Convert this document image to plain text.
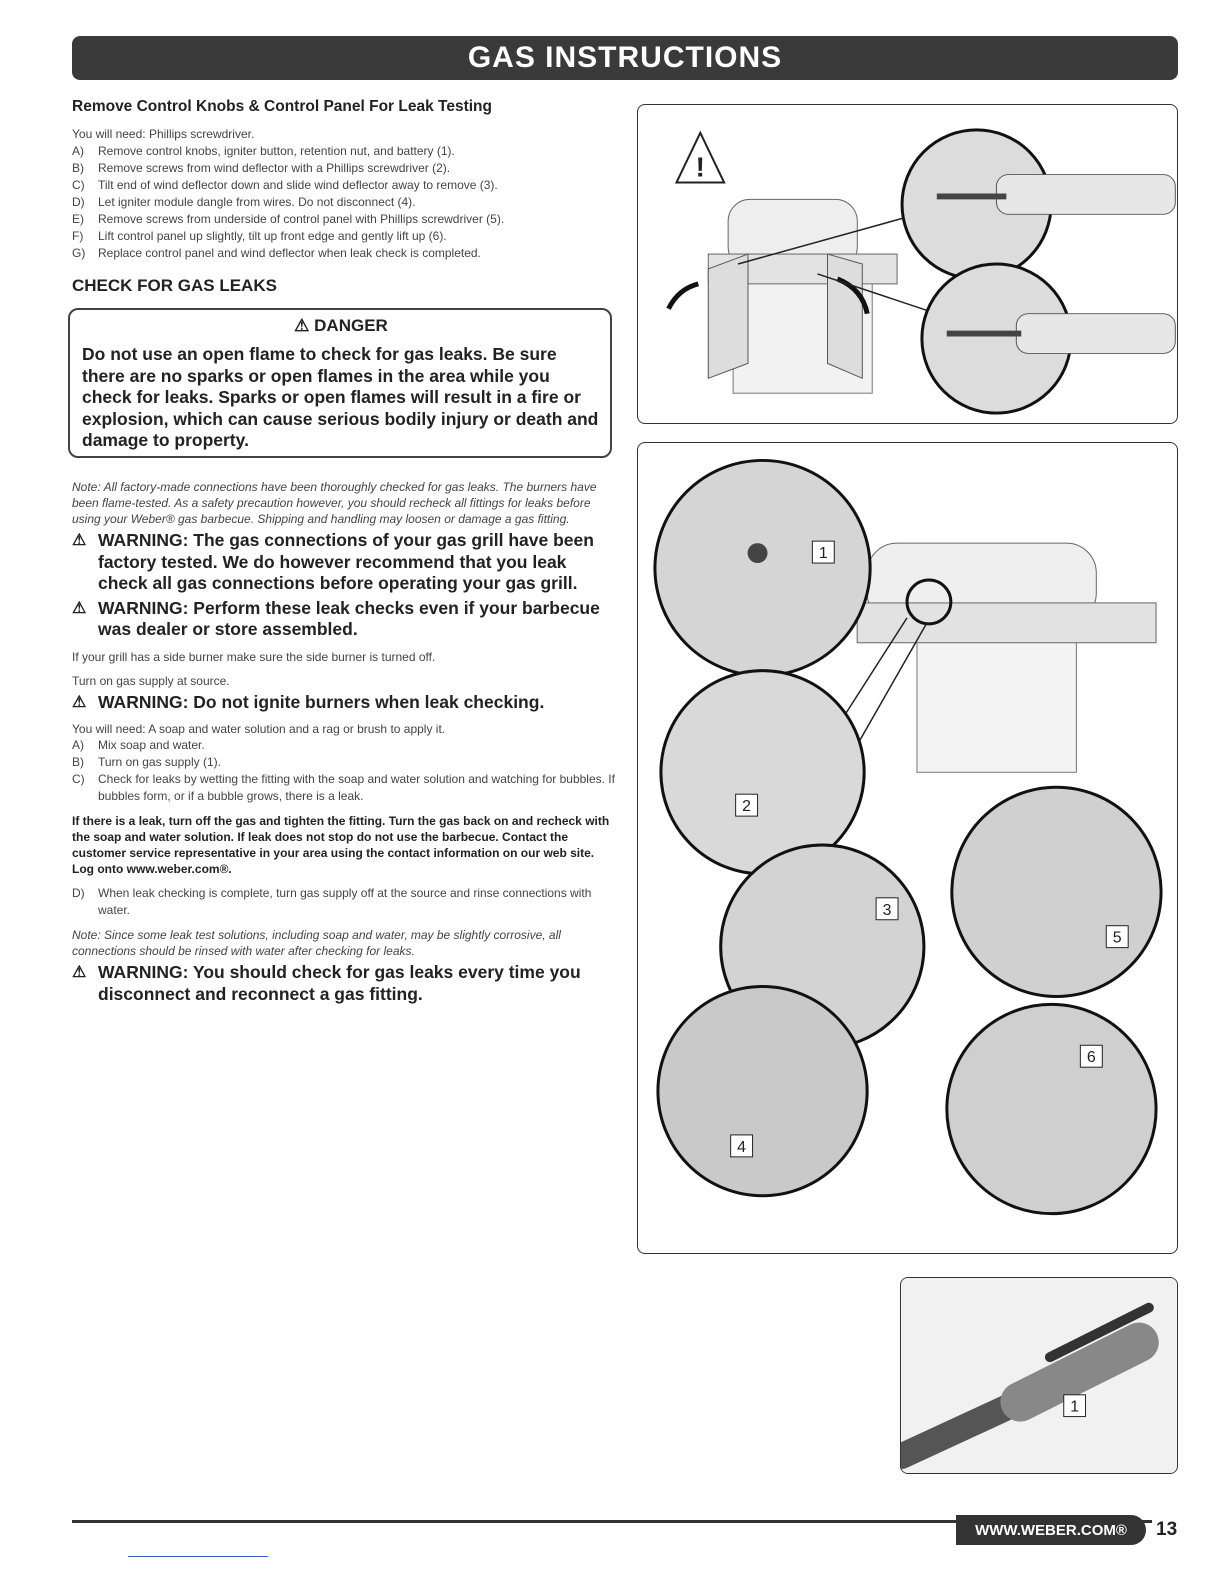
GAS INSTRUCTIONS
Remove Control Knobs & Control Panel For Leak Testing
You will need: Phillips screwdriver.
A)	Remove control knobs, igniter button, retention nut, and battery (1).
B)	Remove screws from wind deflector with a Phillips screwdriver (2).
C)	Tilt end of wind deflector down and slide wind deflector away to remove (3).
D)	Let igniter module dangle from wires. Do not disconnect (4).
E)	Remove screws from underside of control panel with Phillips screwdriver (5).
F)	Lift control panel up slightly, tilt up front edge and gently lift up (6).
G)	Replace control panel and wind deflector when leak check is completed.
CHECK FOR GAS LEAKS
⚠ DANGER
Do not use an open flame to check for gas leaks. Be sure there are no sparks or open flames in the area while you check for leaks. Sparks or open flames will result in a fire or explosion, which can cause serious bodily injury or death and damage to property.
Note: All factory-made connections have been thoroughly checked for gas leaks. The burners have been flame-tested. As a safety precaution however, you should recheck all fittings for leaks before using your Weber® gas barbecue. Shipping and handling may loosen or damage a gas fitting.
⚠ WARNING: The gas connections of your gas grill have been factory tested. We do however recommend that you leak check all gas connections before operating your gas grill.
⚠ WARNING: Perform these leak checks even if your barbecue was dealer or store assembled.
If your grill has a side burner make sure the side burner is turned off.
Turn on gas supply at source.
⚠ WARNING: Do not ignite burners when leak checking.
You will need: A soap and water solution and a rag or brush to apply it.
A)	Mix soap and water.
B)	Turn on gas supply (1).
C)	Check for leaks by wetting the fitting with the soap and water solution and watching for bubbles. If bubbles form, or if a bubble grows, there is a leak.
If there is a leak, turn off the gas and tighten the fitting. Turn the gas back on and recheck with the soap and water solution. If leak does not stop do not use the barbecue. Contact the customer service representative in your area using the contact information on our web site. Log onto www.weber.com®.
D)	When leak checking is complete, turn gas supply off at the source and rinse connections with water.
Note: Since some leak test solutions, including soap and water, may be slightly corrosive, all connections should be rinsed with water after checking for leaks.
⚠ WARNING: You should check for gas leaks every time you disconnect and reconnect a gas fitting.
!
1
2
3
5
4
6
1
WWW.WEBER.COM® 13
